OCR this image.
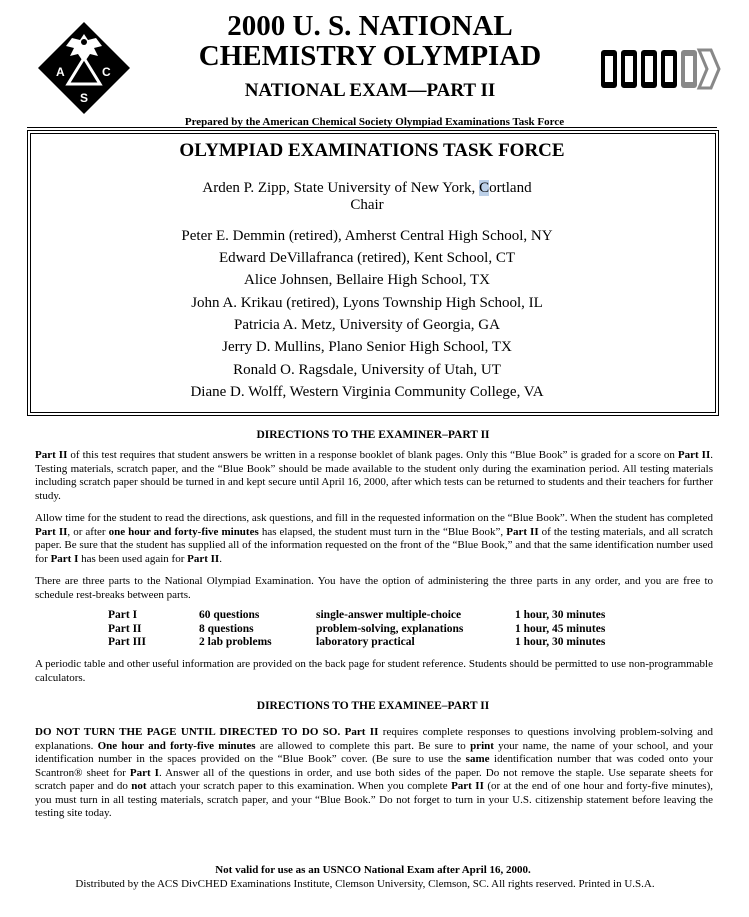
A	C
S
2000 U. S. NATIONAL
CHEMISTRY OLYMPIAD
NATIONAL EXAM—PART II
Prepared by the American Chemical Society Olympiad Examinations Task Force
OLYMPIAD EXAMINATIONS TASK FORCE
Arden P. Zipp, State University of New York, Cortland
Chair
Peter E. Demmin (retired), Amherst Central High School, NY
Edward DeVillafranca (retired), Kent School, CT
Alice Johnsen, Bellaire High School, TX
John A. Krikau (retired), Lyons Township High School, IL
Patricia A. Metz, University of Georgia, GA
Jerry D. Mullins, Plano Senior High School, TX
Ronald O. Ragsdale, University of Utah, UT
Diane D. Wolff, Western Virginia Community College, VA
DIRECTIONS TO THE EXAMINER–PART II
Part II of this test requires that student answers be written in a response booklet of blank pages. Only this “Blue Book” is graded for a score on Part II. Testing materials, scratch paper, and the “Blue Book” should be made available to the student only during the examination period. All testing materials including scratch paper should be turned in and kept secure until April 16, 2000, after which tests can be returned to students and their teachers for further study.
Allow time for the student to read the directions, ask questions, and fill in the requested information on the “Blue Book”. When the student has completed Part II, or after one hour and forty-five minutes has elapsed, the student must turn in the “Blue Book”, Part II of the testing materials, and all scratch paper. Be sure that the student has supplied all of the information requested on the front of the “Blue Book,” and that the same identification number used for Part I has been used again for Part II.
There are three parts to the National Olympiad Examination. You have the option of administering the three parts in any order, and you are free to schedule rest-breaks between parts.
Part I	60 questions	single-answer multiple-choice	1 hour, 30 minutes
Part II	8 questions	problem-solving, explanations	1 hour, 45 minutes
Part III	2 lab problems	laboratory practical	1 hour, 30 minutes
A periodic table and other useful information are provided on the back page for student reference. Students should be permitted to use non-programmable calculators.
DIRECTIONS TO THE EXAMINEE–PART II
DO NOT TURN THE PAGE UNTIL DIRECTED TO DO SO. Part II requires complete responses to questions involving problem-solving and explanations. One hour and forty-five minutes are allowed to complete this part. Be sure to print your name, the name of your school, and your identification number in the spaces provided on the “Blue Book” cover. (Be sure to use the same identification number that was coded onto your Scantron® sheet for Part I. Answer all of the questions in order, and use both sides of the paper. Do not remove the staple. Use separate sheets for scratch paper and do not attach your scratch paper to this examination. When you complete Part II (or at the end of one hour and forty-five minutes), you must turn in all testing materials, scratch paper, and your “Blue Book.” Do not forget to turn in your U.S. citizenship statement before leaving the testing site today.
Not valid for use as an USNCO National Exam after April 16, 2000.
Distributed by the ACS DivCHED Examinations Institute, Clemson University, Clemson, SC. All rights reserved. Printed in U.S.A.
